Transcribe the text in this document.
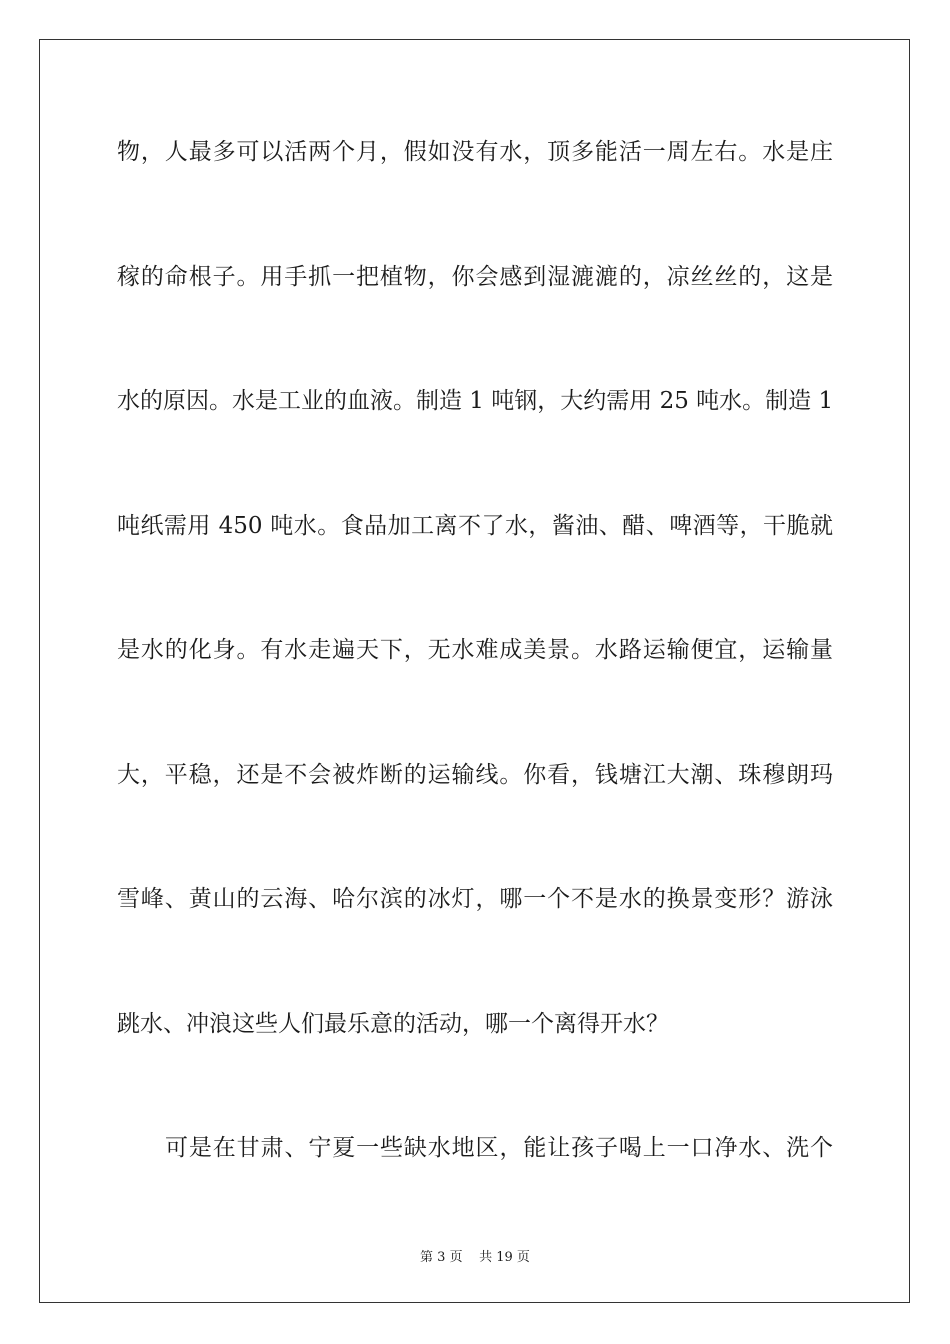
物，人最多可以活两个月，假如没有水，顶多能活一周左右。水是庄
稼的命根子。用手抓一把植物，你会感到湿漉漉的，凉丝丝的，这是
水的原因。水是工业的血液。制造 1 吨钢，大约需用 25 吨水。制造 1
吨纸需用 450 吨水。食品加工离不了水，酱油、醋、啤酒等，干脆就
是水的化身。有水走遍天下，无水难成美景。水路运输便宜，运输量
大，平稳，还是不会被炸断的运输线。你看，钱塘江大潮、珠穆朗玛
雪峰、黄山的云海、哈尔滨的冰灯，哪一个不是水的换景变形？游泳
跳水、冲浪这些人们最乐意的活动，哪一个离得开水？
可是在甘肃、宁夏一些缺水地区，能让孩子喝上一口净水、洗个
第 3 页 共 19 页
